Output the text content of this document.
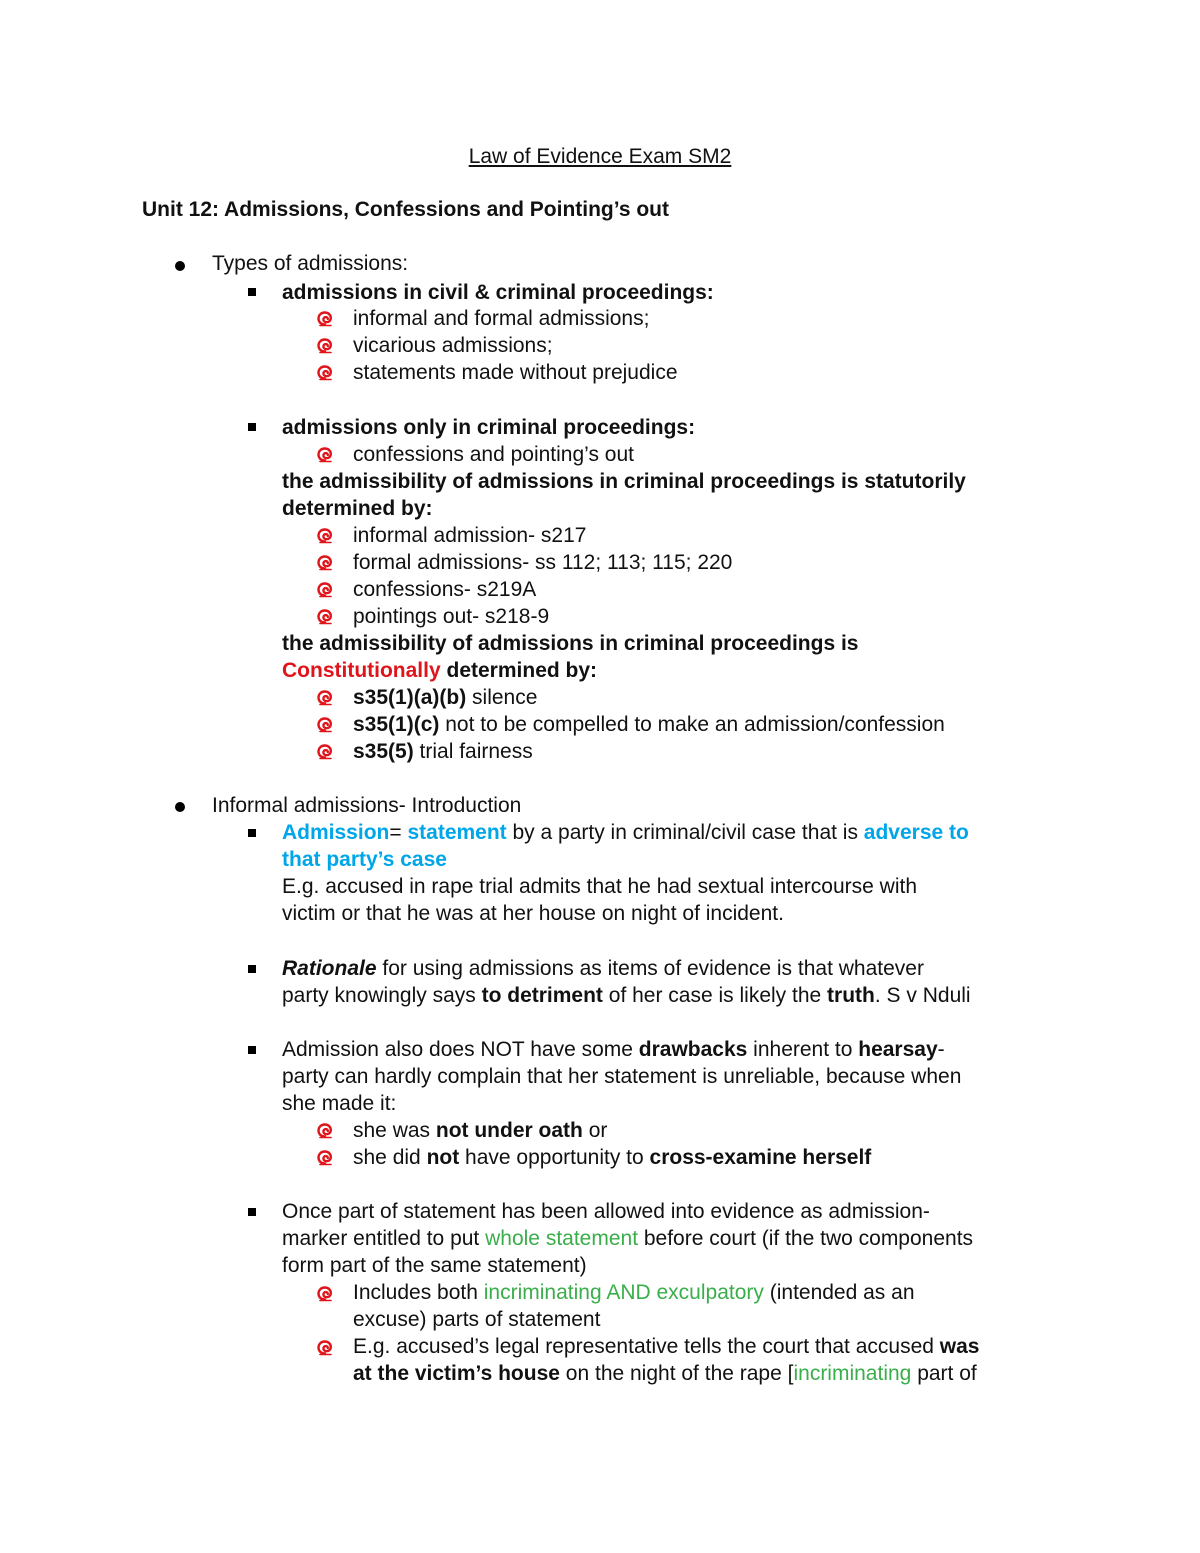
Law of Evidence Exam SM2
Unit 12: Admissions, Confessions and Pointing’s out
Types of admissions:
admissions in civil & criminal proceedings:
informal and formal admissions;
vicarious admissions;
statements made without prejudice
admissions only in criminal proceedings:
confessions and pointing’s out
the admissibility of admissions in criminal proceedings is statutorily
determined by:
informal admission- s217
formal admissions- ss 112; 113; 115; 220
confessions- s219A
pointings out- s218-9
the admissibility of admissions in criminal proceedings is
Constitutionally determined by:
s35(1)(a)(b) silence
s35(1)(c) not to be compelled to make an admission/confession
s35(5) trial fairness
Informal admissions- Introduction
Admission= statement by a party in criminal/civil case that is adverse to
that party’s case
E.g. accused in rape trial admits that he had sextual intercourse with
victim or that he was at her house on night of incident.
Rationale for using admissions as items of evidence is that whatever
party knowingly says to detriment of her case is likely the truth. S v Nduli
Admission also does NOT have some drawbacks inherent to hearsay-
party can hardly complain that her statement is unreliable, because when
she made it:
she was not under oath or
she did not have opportunity to cross-examine herself
Once part of statement has been allowed into evidence as admission-
marker entitled to put whole statement before court (if the two components
form part of the same statement)
Includes both incriminating AND exculpatory (intended as an
excuse) parts of statement
E.g. accused’s legal representative tells the court that accused was
at the victim’s house on the night of the rape [incriminating part of
